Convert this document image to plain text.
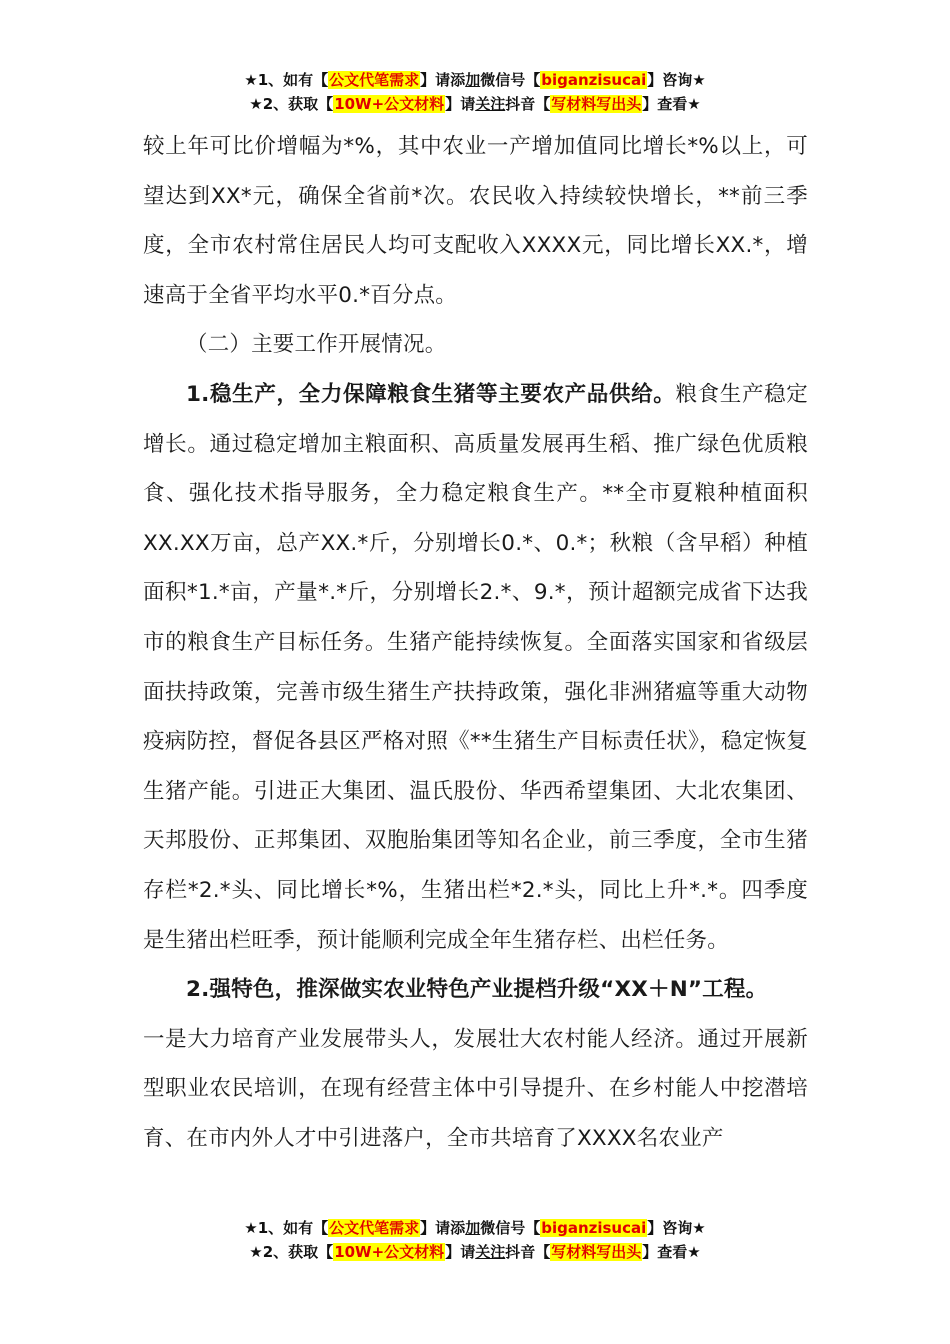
★1、如有【公文代笔需求】请添加微信号【biganzisucai】咨询★
★2、获取【10W+公文材料】请关注抖音【写材料写出头】查看★

较上年可比价增幅为*%，其中农业一产增加值同比增长*%以上，可望达到XX*元，确保全省前*次。农民收入持续较快增长，**前三季度，全市农村常住居民人均可支配收入XXXX元，同比增长XX.*，增速高于全省平均水平0.*百分点。

（二）主要工作开展情况。

1.稳生产，全力保障粮食生猪等主要农产品供给。粮食生产稳定增长。通过稳定增加主粮面积、高质量发展再生稻、推广绿色优质粮食、强化技术指导服务，全力稳定粮食生产。**全市夏粮种植面积XX.XX万亩，总产XX.*斤，分别增长0.*、0.*；秋粮（含早稻）种植面积*1.*亩，产量*.*斤，分别增长2.*、9.*，预计超额完成省下达我市的粮食生产目标任务。生猪产能持续恢复。全面落实国家和省级层面扶持政策，完善市级生猪生产扶持政策，强化非洲猪瘟等重大动物疫病防控，督促各县区严格对照《**生猪生产目标责任状》，稳定恢复生猪产能。引进正大集团、温氏股份、华西希望集团、大北农集团、天邦股份、正邦集团、双胞胎集团等知名企业，前三季度，全市生猪存栏*2.*头、同比增长*%，生猪出栏*2.*头，同比上升*.*。四季度是生猪出栏旺季，预计能顺利完成全年生猪存栏、出栏任务。

2.强特色，推深做实农业特色产业提档升级“XX＋N”工程。

一是大力培育产业发展带头人，发展壮大农村能人经济。通过开展新型职业农民培训，在现有经营主体中引导提升、在乡村能人中挖潜培育、在市内外人才中引进落户，全市共培育了XXXX名农业产

★1、如有【公文代笔需求】请添加微信号【biganzisucai】咨询★
★2、获取【10W+公文材料】请关注抖音【写材料写出头】查看★
